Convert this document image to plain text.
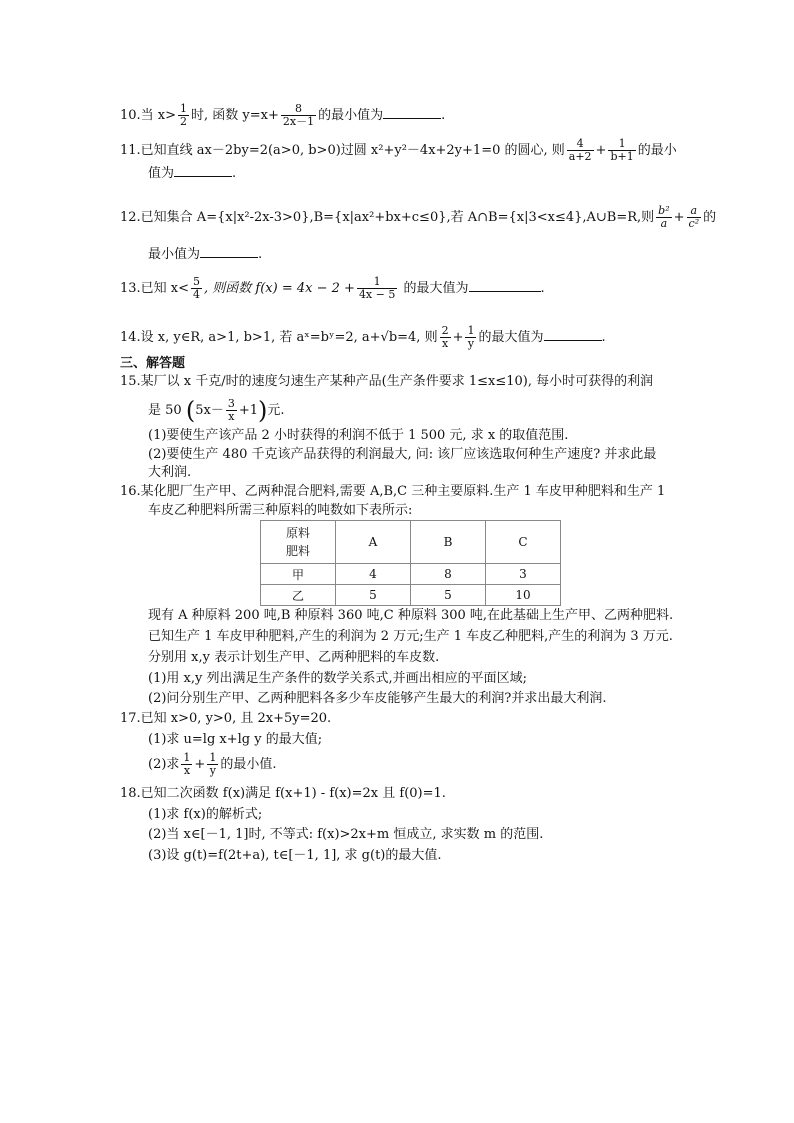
10.当 $x> \frac{1}{2}$ 时, 函数 $y=x+ \frac{8}{2x-1}$ 的最小值为	.
11.已知直线 ax－2by=2(a>0, b>0)过圆 x²+y²－4x+2y+1=0 的圆心, 则 $\frac{4}{a+2} + \frac{1}{b+1}$ 的最小
值为	.
12.已知集合 A={x|x²-2x-3>0},B={x|ax²+bx+c≤0},若 A∩B={x|3<x≤4},A∪B=R,则 $\frac{\text{b²}}{a} + \frac{a}{\text{c²}}$ 的
最小值为	.
13.已知 $x< \frac{5}{4}$ , 则函数 $f(x) = 4x - 2 + \frac{1}{4x - 5}$ 的最大值为	.
14.设 x, y∈R, a>1, b>1, 若 aˣ=bʸ=2, a+√b=4, 则 $\frac{2}{x} + \frac{1}{y}$ 的最大值为	.
三、解答题
15.某厂以 x 千克/时的速度匀速生产某种产品(生产条件要求 1≤x≤10), 每小时可获得的利润
是 50 $(5x- \frac{3}{x} +1)$元.
(1)要使生产该产品 2 小时获得的利润不低于 1 500 元, 求 x 的取值范围.
(2)要使生产 480 千克该产品获得的利润最大, 问: 该厂应该选取何种生产速度? 并求此最
大利润.
16.某化肥厂生产甲、乙两种混合肥料,需要 A,B,C 三种主要原料.生产 1 车皮甲种肥料和生产 1
车皮乙种肥料所需三种原料的吨数如下表所示:
原料
肥料	A	B	C
甲	4	8	3
乙	5	5	10
现有 A 种原料 200 吨,B 种原料 360 吨,C 种原料 300 吨,在此基础上生产甲、乙两种肥料.
已知生产 1 车皮甲种肥料,产生的利润为 2 万元;生产 1 车皮乙种肥料,产生的利润为 3 万元.
分别用 x,y 表示计划生产甲、乙两种肥料的车皮数.
(1)用 x,y 列出满足生产条件的数学关系式,并画出相应的平面区域;
(2)问分别生产甲、乙两种肥料各多少车皮能够产生最大的利润?并求出最大利润.
17.已知 x>0, y>0, 且 2x+5y=20.
(1)求 u=lg x+lg y 的最大值;
(2)求 $\frac{1}{x} + \frac{1}{y}$ 的最小值.
18.已知二次函数 f(x)满足 f(x+1) - f(x)=2x 且 f(0)=1.
(1)求 f(x)的解析式;
(2)当 x∈[－1, 1]时, 不等式: f(x)>2x+m 恒成立, 求实数 m 的范围.
(3)设 g(t)=f(2t+a), t∈[－1, 1], 求 g(t)的最大值.
